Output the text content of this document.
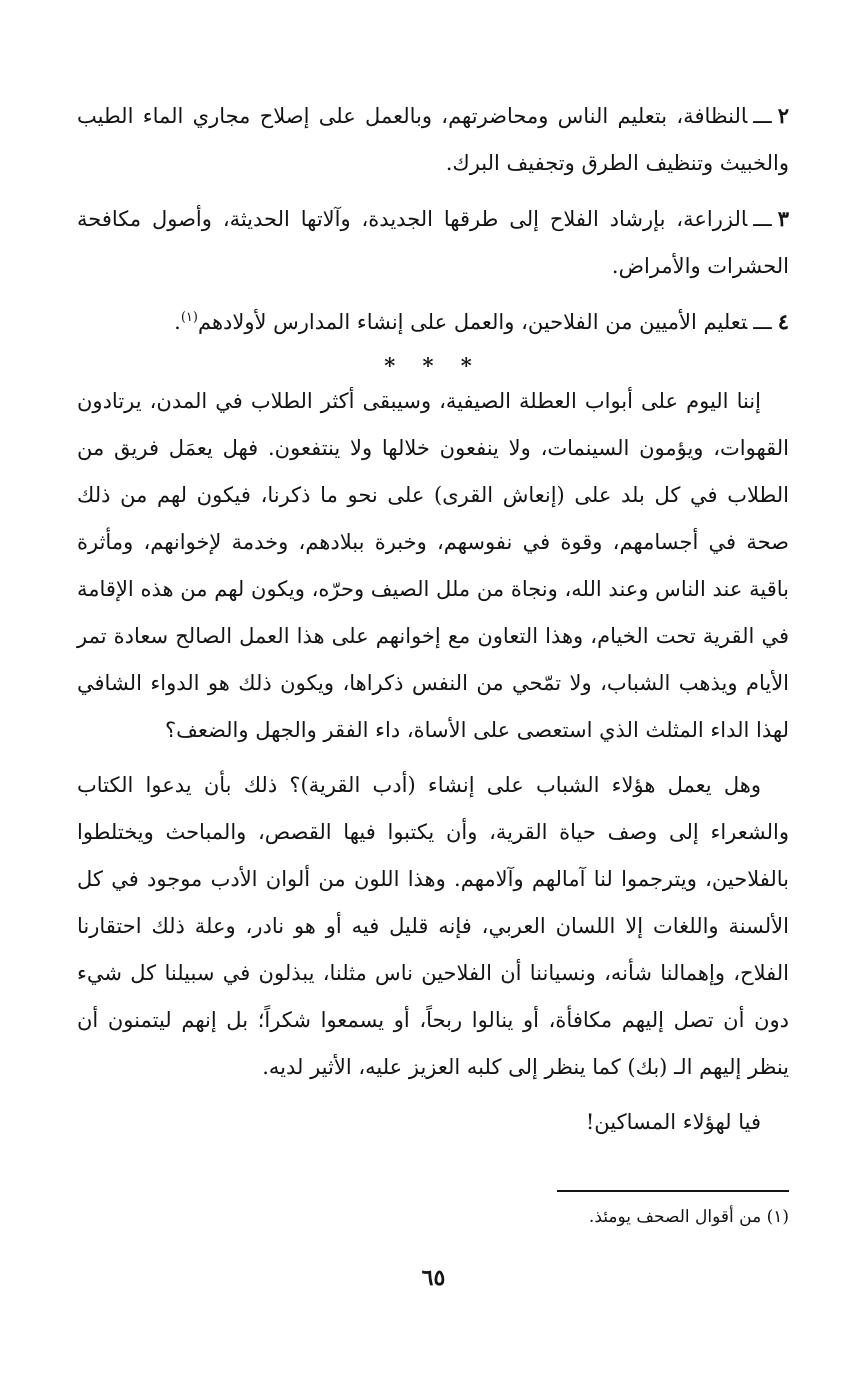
٢ـــالنظافة، بتعليم الناس ومحاضرتهم، وبالعمل على إصلاح مجاري الماء الطيب والخبيث وتنظيف الطرق وتجفيف البرك.

٣ـــالزراعة، بإرشاد الفلاح إلى طرقها الجديدة، وآلاتها الحديثة، وأصول مكافحة الحشرات والأمراض.

٤ـــتعليم الأميين من الفلاحين، والعمل على إنشاء المدارس لأولادهم$^{(١)}$.

* * *

إننا اليوم على أبواب العطلة الصيفية، وسيبقى أكثر الطلاب في المدن، يرتادون القهوات، ويؤمون السينمات، ولا ينفعون خلالها ولا ينتفعون. فهل يعمَل فريق من الطلاب في كل بلد على (إنعاش القرى) على نحو ما ذكرنا، فيكون لهم من ذلك صحة في أجسامهم، وقوة في نفوسهم، وخبرة ببلادهم، وخدمة لإخوانهم، ومأثرة باقية عند الناس وعند الله، ونجاة من ملل الصيف وحرّه، ويكون لهم من هذه الإقامة في القرية تحت الخيام، وهذا التعاون مع إخوانهم على هذا العمل الصالح سعادة تمر الأيام ويذهب الشباب، ولا تمّحي من النفس ذكراها، ويكون ذلك هو الدواء الشافي لهذا الداء المثلث الذي استعصى على الأساة، داء الفقر والجهل والضعف؟

وهل يعمل هؤلاء الشباب على إنشاء (أدب القرية)؟ ذلك بأن يدعوا الكتاب والشعراء إلى وصف حياة القرية، وأن يكتبوا فيها القصص، والمباحث ويختلطوا بالفلاحين، ويترجموا لنا آمالهم وآلامهم. وهذا اللون من ألوان الأدب موجود في كل الألسنة واللغات إلا اللسان العربي، فإنه قليل فيه أو هو نادر، وعلة ذلك احتقارنا الفلاح، وإهمالنا شأنه، ونسياننا أن الفلاحين ناس مثلنا، يبذلون في سبيلنا كل شيء دون أن تصل إليهم مكافأة، أو ينالوا ربحاً، أو يسمعوا شكراً؛ بل إنهم ليتمنون أن ينظر إليهم الـ (بك) كما ينظر إلى كلبه العزيز عليه، الأثير لديه.

فيا لهؤلاء المساكين!

(١) من أقوال الصحف يومئذ.
٦٥
